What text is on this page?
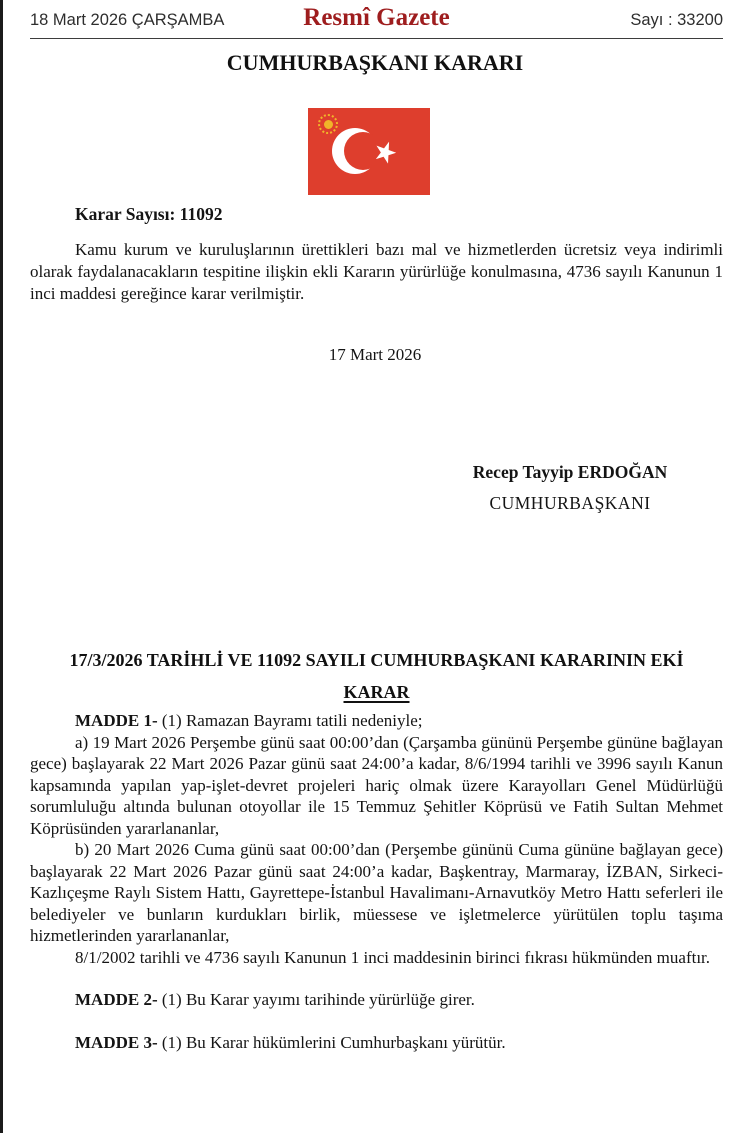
18 Mart 2026 ÇARŞAMBA	Resmî Gazete	Sayı : 33200
CUMHURBAŞKANI KARARI

Karar Sayısı: 11092

Kamu kurum ve kuruluşlarının ürettikleri bazı mal ve hizmetlerden ücretsiz veya indirimli olarak faydalanacakların tespitine ilişkin ekli Kararın yürürlüğe konulmasına, 4736 sayılı Kanunun 1 inci maddesi gereğince karar verilmiştir.

17 Mart 2026

Recep Tayyip ERDOĞAN
CUMHURBAŞKANI
17/3/2026 TARİHLİ VE 11092 SAYILI CUMHURBAŞKANI KARARININ EKİ
KARAR

MADDE 1- (1) Ramazan Bayramı tatili nedeniyle;

a) 19 Mart 2026 Perşembe günü saat 00:00’dan (Çarşamba gününü Perşembe gününe bağlayan gece) başlayarak 22 Mart 2026 Pazar günü saat 24:00’a kadar, 8/6/1994 tarihli ve 3996 sayılı Kanun kapsamında yapılan yap-işlet-devret projeleri hariç olmak üzere Karayolları Genel Müdürlüğü sorumluluğu altında bulunan otoyollar ile 15 Temmuz Şehitler Köprüsü ve Fatih Sultan Mehmet Köprüsünden yararlananlar,

b) 20 Mart 2026 Cuma günü saat 00:00’dan (Perşembe gününü Cuma gününe bağlayan gece) başlayarak 22 Mart 2026 Pazar günü saat 24:00’a kadar, Başkentray, Marmaray, İZBAN, Sirkeci-Kazlıçeşme Raylı Sistem Hattı, Gayrettepe-İstanbul Havalimanı-Arnavutköy Metro Hattı seferleri ile belediyeler ve bunların kurdukları birlik, müessese ve işletmelerce yürütülen toplu taşıma hizmetlerinden yararlananlar,

8/1/2002 tarihli ve 4736 sayılı Kanunun 1 inci maddesinin birinci fıkrası hükmünden muaftır.

MADDE 2- (1) Bu Karar yayımı tarihinde yürürlüğe girer.

MADDE 3- (1) Bu Karar hükümlerini Cumhurbaşkanı yürütür.
